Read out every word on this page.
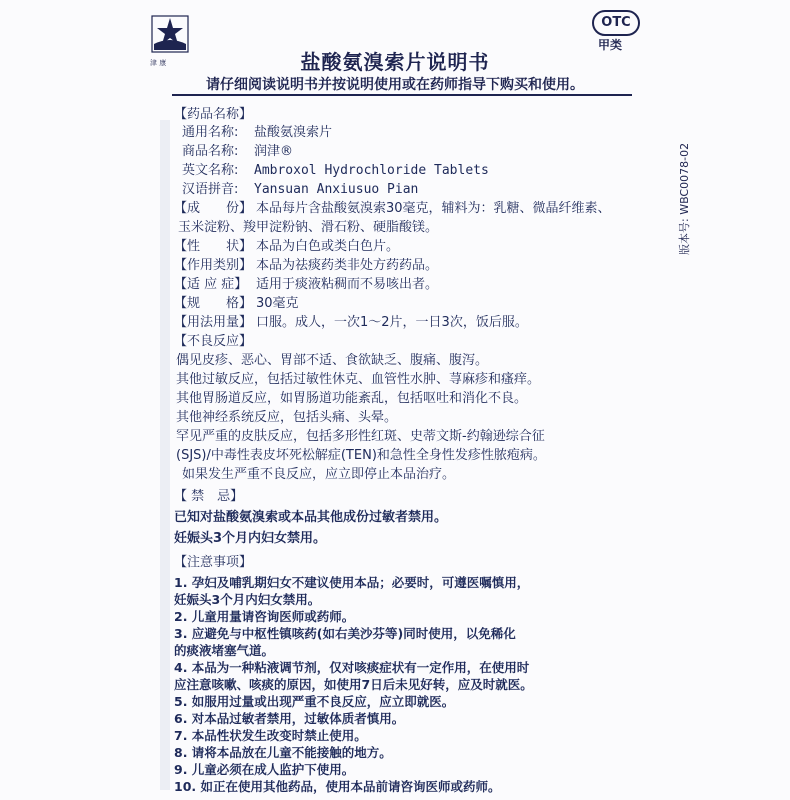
津 康
OTC
甲类
盐酸氨溴索片说明书
请仔细阅读说明书并按说明使用或在药师指导下购买和使用。
版本号: WBC0078-02
【药品名称】
通用名称: 盐酸氨溴索片
商品名称: 润津®
英文名称: Ambroxol Hydrochloride Tablets
汉语拼音: Yansuan Anxiusuo Pian
【成　　份】 本品每片含盐酸氨溴索30毫克，辅料为：乳糖、微晶纤维素、
玉米淀粉、羧甲淀粉钠、滑石粉、硬脂酸镁。
【性　　状】 本品为白色或类白色片。
【作用类别】 本品为祛痰药类非处方药药品。
【适 应 症】 适用于痰液粘稠而不易咳出者。
【规　　格】 30毫克
【用法用量】 口服。成人，一次1～2片，一日3次，饭后服。
【不良反应】
偶见皮疹、恶心、胃部不适、食欲缺乏、腹痛、腹泻。
其他过敏反应，包括过敏性休克、血管性水肿、荨麻疹和瘙痒。
其他胃肠道反应，如胃肠道功能紊乱，包括呕吐和消化不良。
其他神经系统反应，包括头痛、头晕。
罕见严重的皮肤反应，包括多形性红斑、史蒂文斯-约翰逊综合征
(SJS)/中毒性表皮坏死松解症(TEN)和急性全身性发疹性脓疱病。
如果发生严重不良反应，应立即停止本品治疗。
【 禁　忌】
已知对盐酸氨溴索或本品其他成份过敏者禁用。
妊娠头3个月内妇女禁用。
【注意事项】
1. 孕妇及哺乳期妇女不建议使用本品；必要时，可遵医嘱慎用，
妊娠头3个月内妇女禁用。
2. 儿童用量请咨询医师或药师。
3. 应避免与中枢性镇咳药(如右美沙芬等)同时使用，以免稀化
的痰液堵塞气道。
4. 本品为一种粘液调节剂，仅对咳痰症状有一定作用，在使用时
应注意咳嗽、咳痰的原因，如使用7日后未见好转，应及时就医。
5. 如服用过量或出现严重不良反应，应立即就医。
6. 对本品过敏者禁用，过敏体质者慎用。
7. 本品性状发生改变时禁止使用。
8. 请将本品放在儿童不能接触的地方。
9. 儿童必须在成人监护下使用。
10. 如正在使用其他药品，使用本品前请咨询医师或药师。
